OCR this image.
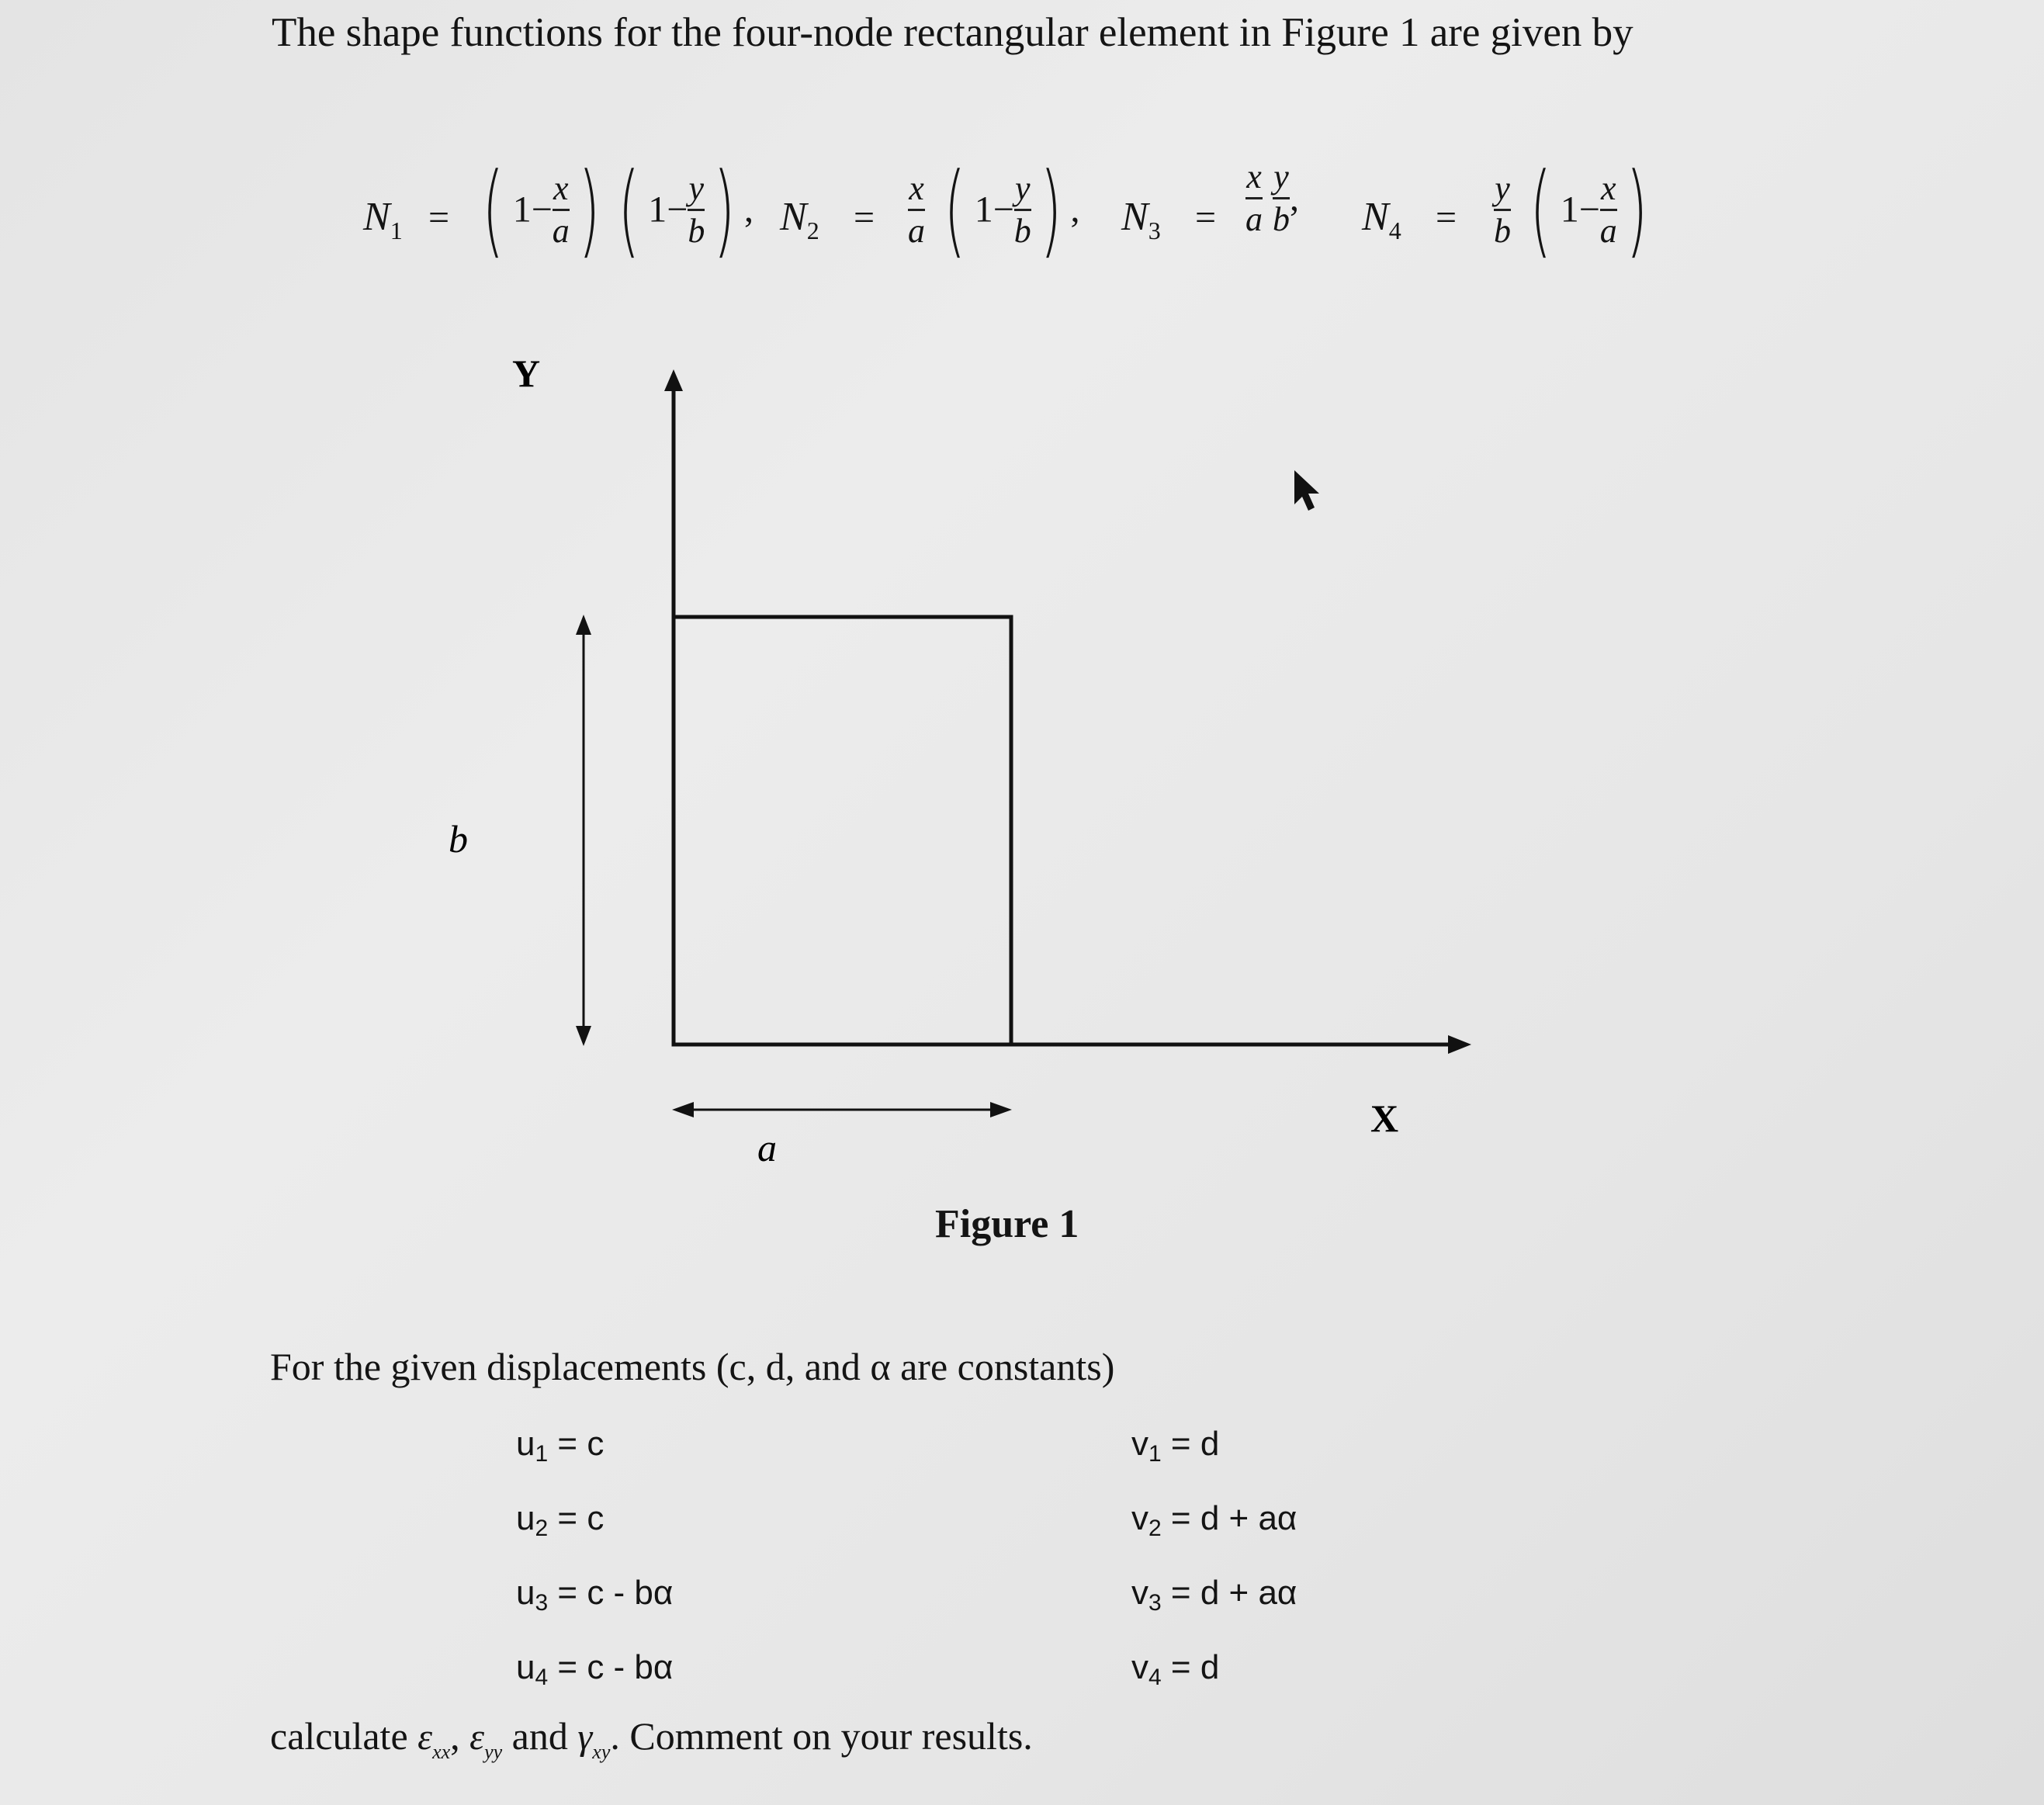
The shape functions for the four-node rectangular element in Figure 1 are given by
$N_1$ = ( $1- \frac{x}{a}$ ) ( $1- \frac{y}{b}$ ) , $N_2 = \frac{x}{a}$ ( $1- \frac{y}{b}$ ) , $N_3 = \frac{x}{a}$
$\frac{y}{b}$ , $N_4 = \frac{y}{b}$ ( $1- \frac{x}{a}$ )
Y
X
b
a
Figure 1
For the given displacements (c, d, and α are constants)
u1 = c
u2 = c
u3 = c - bα
u4 = c - bα
v1 = d
v2 = d + aα
v3 = d + aα
v4 = d
calculate $\varepsilon_{xx}$, $\varepsilon_{yy}$ and $\gamma_{xy}$. Comment on your results.
